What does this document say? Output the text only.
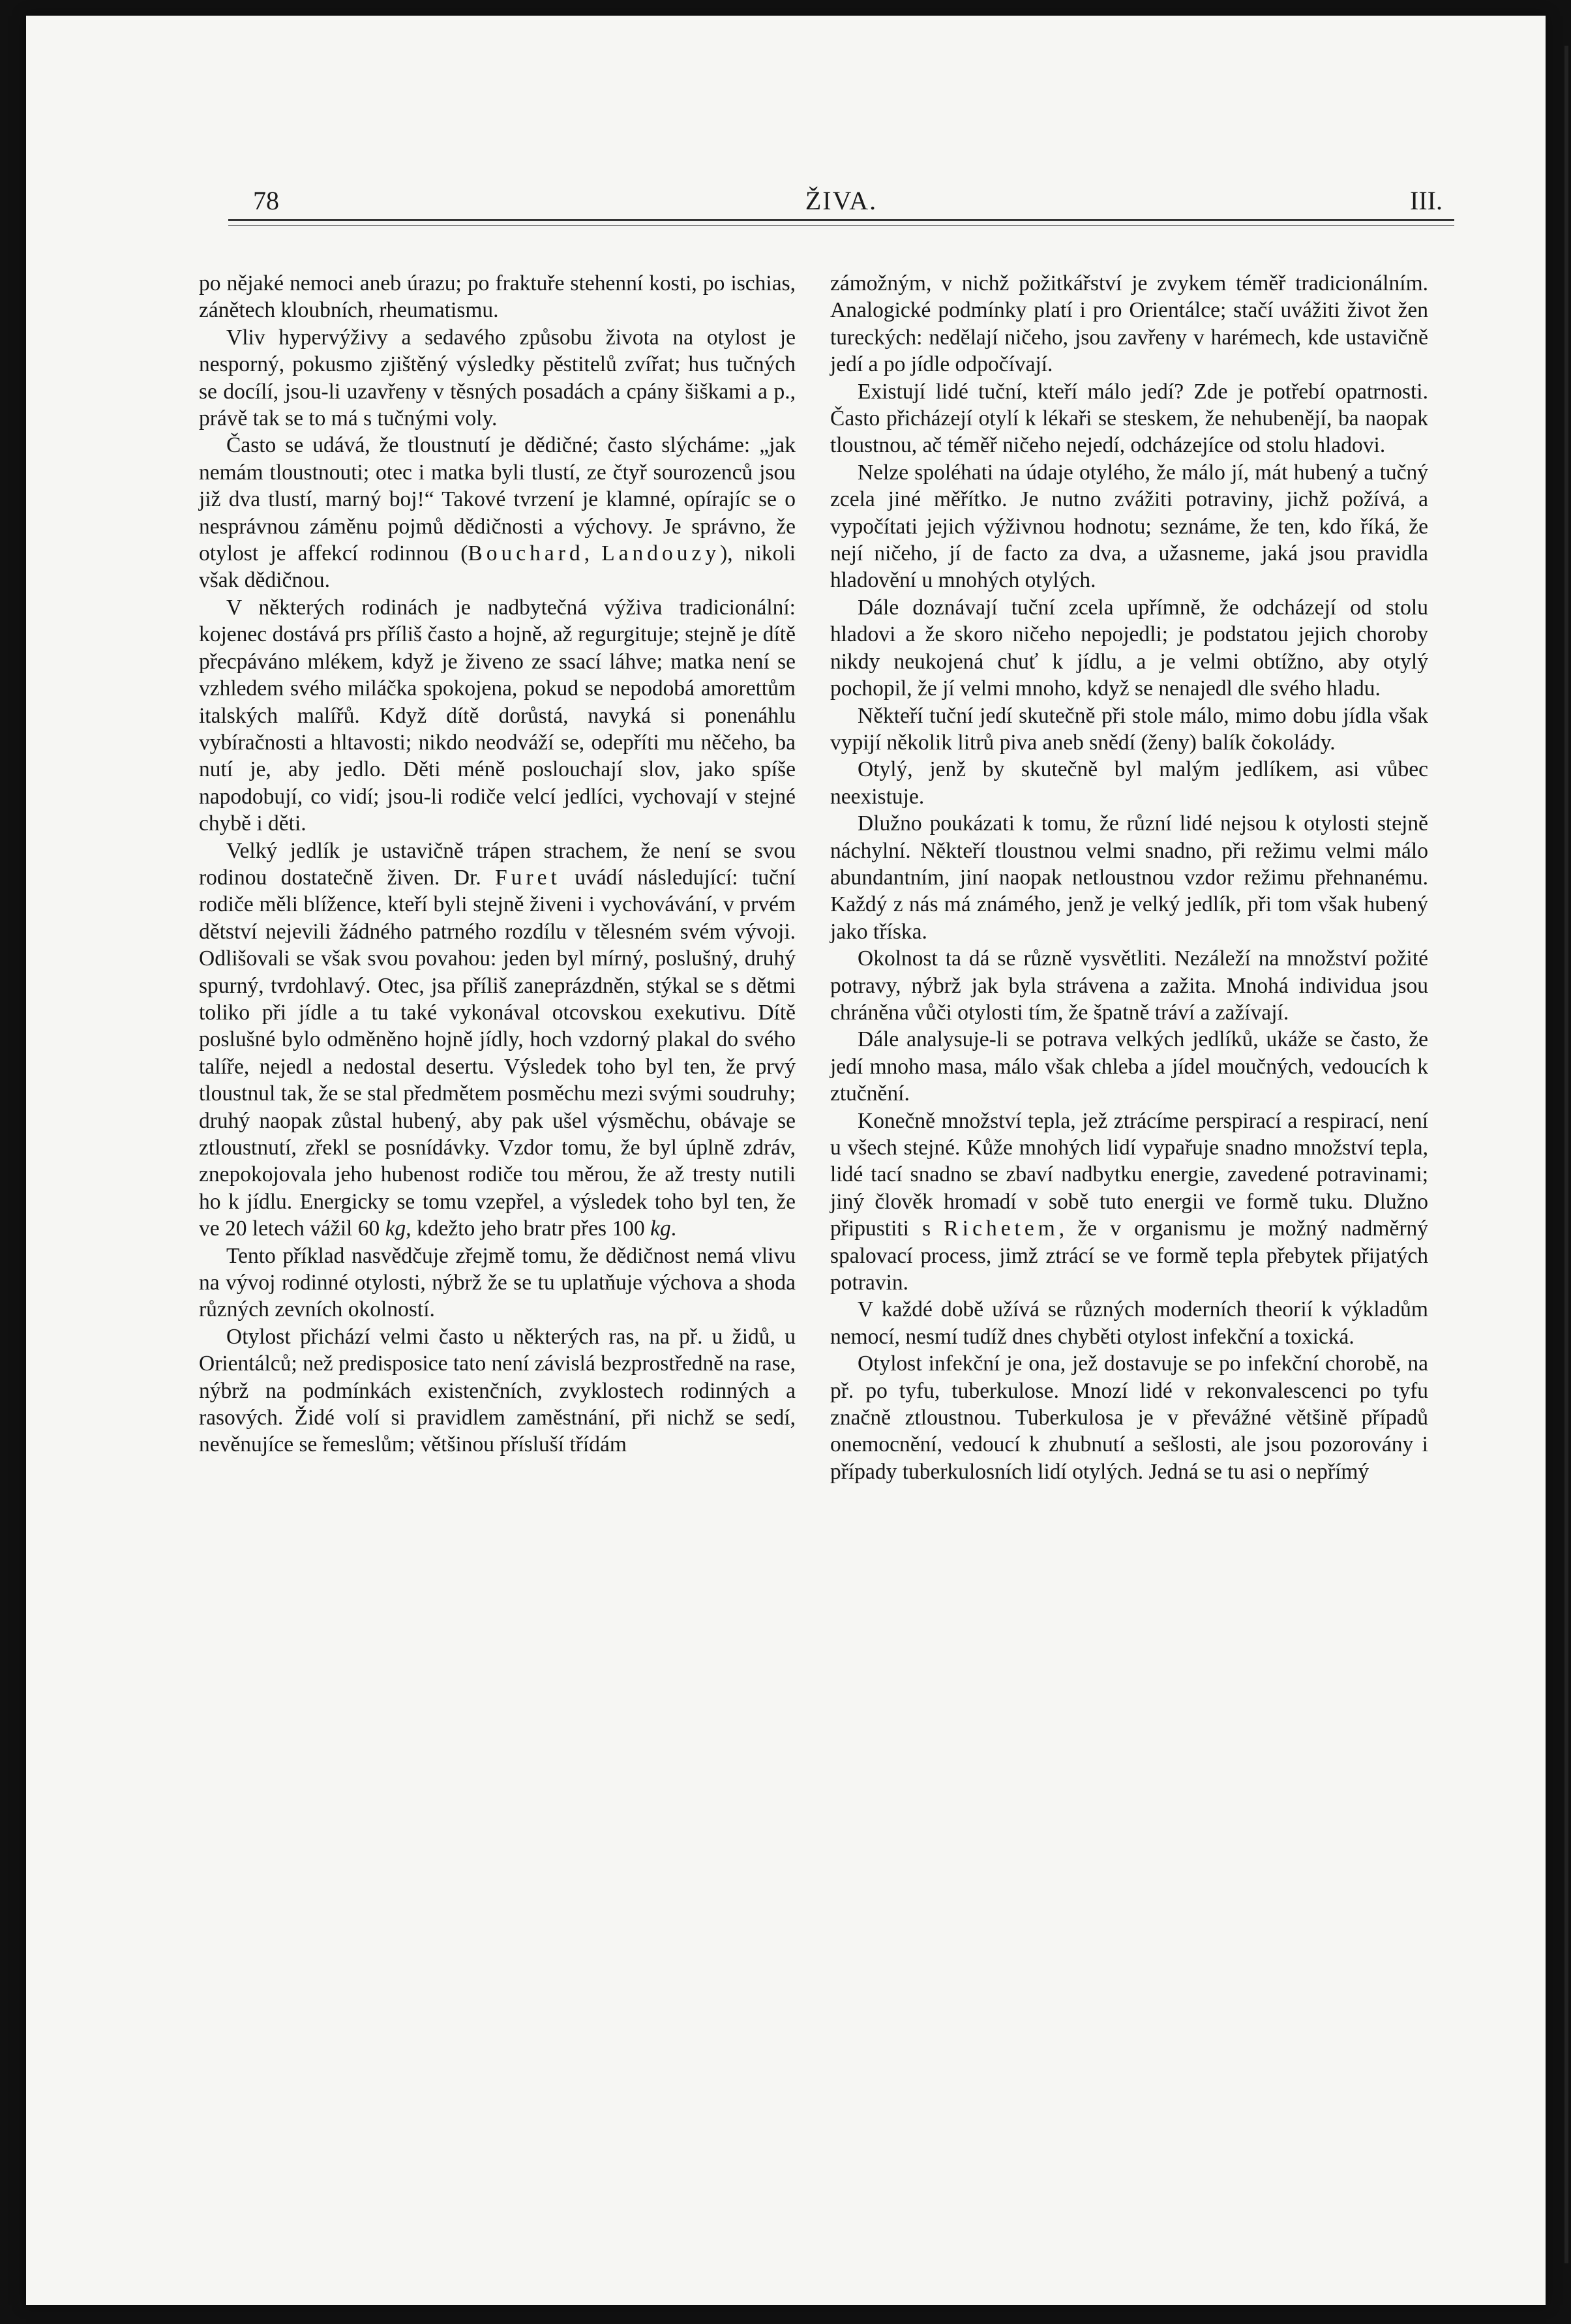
78	ŽIVA.	III.

po nějaké nemoci aneb úrazu; po fraktuře stehenní kosti, po ischias, zánětech kloubních, rheumatismu.

Vliv hypervýživy a sedavého způsobu života na otylost je nesporný, pokusmo zjištěný výsledky pěstitelů zvířat; hus tučných se docílí, jsou-li uzavřeny v těsných posadách a cpány šiškami a p., právě tak se to má s tučnými voly.

Často se udává, že tloustnutí je dědičné; často slýcháme: „jak nemám tloustnouti; otec i matka byli tlustí, ze čtyř sourozenců jsou již dva tlustí, marný boj!“ Takové tvrzení je klamné, opírajíc se o nesprávnou záměnu pojmů dědičnosti a výchovy. Je správno, že otylost je affekcí rodinnou (Bouchard, Landouzy), nikoli však dědičnou.

V některých rodinách je nadbytečná výživa tradicionální: kojenec dostává prs příliš často a hojně, až regurgituje; stejně je dítě přecpáváno mlékem, když je živeno ze ssací láhve; matka není se vzhledem svého miláčka spokojena, pokud se nepodobá amorettům italských malířů. Když dítě dorůstá, navyká si ponenáhlu vybíračnosti a hltavosti; nikdo neodváží se, odepříti mu něčeho, ba nutí je, aby jedlo. Děti méně poslouchají slov, jako spíše napodobují, co vidí; jsou-li rodiče velcí jedlíci, vychovají v stejné chybě i děti.

Velký jedlík je ustavičně trápen strachem, že není se svou rodinou dostatečně živen. Dr. Furet uvádí následující: tuční rodiče měli blížence, kteří byli stejně živeni i vychovávání, v prvém dětství nejevili žádného patrného rozdílu v tělesném svém vývoji. Odlišovali se však svou povahou: jeden byl mírný, poslušný, druhý spurný, tvrdohlavý. Otec, jsa příliš zaneprázdněn, stýkal se s dětmi toliko při jídle a tu také vykonával otcovskou exekutivu. Dítě poslušné bylo odměněno hojně jídly, hoch vzdorný plakal do svého talíře, nejedl a nedostal desertu. Výsledek toho byl ten, že prvý tloustnul tak, že se stal předmětem posměchu mezi svými soudruhy; druhý naopak zůstal hubený, aby pak ušel výsměchu, obávaje se ztloustnutí, zřekl se posnídávky. Vzdor tomu, že byl úplně zdráv, znepokojovala jeho hubenost rodiče tou měrou, že až tresty nutili ho k jídlu. Energicky se tomu vzepřel, a výsledek toho byl ten, že ve 20 letech vážil 60 kg, kdežto jeho bratr přes 100 kg.

Tento příklad nasvědčuje zřejmě tomu, že dědičnost nemá vlivu na vývoj rodinné otylosti, nýbrž že se tu uplatňuje výchova a shoda různých zevních okolností.

Otylost přichází velmi často u některých ras, na př. u židů, u Orientálců; než predisposice tato není závislá bezprostředně na rase, nýbrž na podmínkách existenčních, zvyklostech rodinných a rasových. Židé volí si pravidlem zaměstnání, při nichž se sedí, nevěnujíce se řemeslům; většinou přísluší třídám

zámožným, v nichž požitkářství je zvykem téměř tradicionálním. Analogické podmínky platí i pro Orientálce; stačí uvážiti život žen tureckých: nedělají ničeho, jsou zavřeny v harémech, kde ustavičně jedí a po jídle odpočívají.

Existují lidé tuční, kteří málo jedí? Zde je potřebí opatrnosti. Často přicházejí otylí k lékaři se steskem, že nehubenějí, ba naopak tloustnou, ač téměř ničeho nejedí, odcházejíce od stolu hladovi.

Nelze spoléhati na údaje otylého, že málo jí, mát hubený a tučný zcela jiné měřítko. Je nutno zvážiti potraviny, jichž požívá, a vypočítati jejich výživnou hodnotu; seznáme, že ten, kdo říká, že nejí ničeho, jí de facto za dva, a užasneme, jaká jsou pravidla hladovění u mnohých otylých.

Dále doznávají tuční zcela upřímně, že odcházejí od stolu hladovi a že skoro ničeho nepojedli; je podstatou jejich choroby nikdy neukojená chuť k jídlu, a je velmi obtížno, aby otylý pochopil, že jí velmi mnoho, když se nenajedl dle svého hladu.

Někteří tuční jedí skutečně při stole málo, mimo dobu jídla však vypijí několik litrů piva aneb snědí (ženy) balík čokolády.

Otylý, jenž by skutečně byl malým jedlíkem, asi vůbec neexistuje.

Dlužno poukázati k tomu, že různí lidé nejsou k otylosti stejně náchylní. Někteří tloustnou velmi snadno, při režimu velmi málo abundantním, jiní naopak netloustnou vzdor režimu přehnanému. Každý z nás má známého, jenž je velký jedlík, při tom však hubený jako tříska.

Okolnost ta dá se různě vysvětliti. Nezáleží na množství požité potravy, nýbrž jak byla strávena a zažita. Mnohá individua jsou chráněna vůči otylosti tím, že špatně tráví a zažívají.

Dále analysuje-li se potrava velkých jedlíků, ukáže se často, že jedí mnoho masa, málo však chleba a jídel moučných, vedoucích k ztučnění.

Konečně množství tepla, jež ztrácíme perspirací a respirací, není u všech stejné. Kůže mnohých lidí vypařuje snadno množství tepla, lidé tací snadno se zbaví nadbytku energie, zavedené potravinami; jiný člověk hromadí v sobě tuto energii ve formě tuku. Dlužno připustiti s Richetem, že v organismu je možný nadměrný spalovací process, jimž ztrácí se ve formě tepla přebytek přijatých potravin.

V každé době užívá se různých moderních theorií k výkladům nemocí, nesmí tudíž dnes chyběti otylost infekční a toxická.

Otylost infekční je ona, jež dostavuje se po infekční chorobě, na př. po tyfu, tuberkulose. Mnozí lidé v rekonvalescenci po tyfu značně ztloustnou. Tuberkulosa je v převážné většině případů onemocnění, vedoucí k zhubnutí a sešlosti, ale jsou pozorovány i případy tuberkulosních lidí otylých. Jedná se tu asi o nepřímý
